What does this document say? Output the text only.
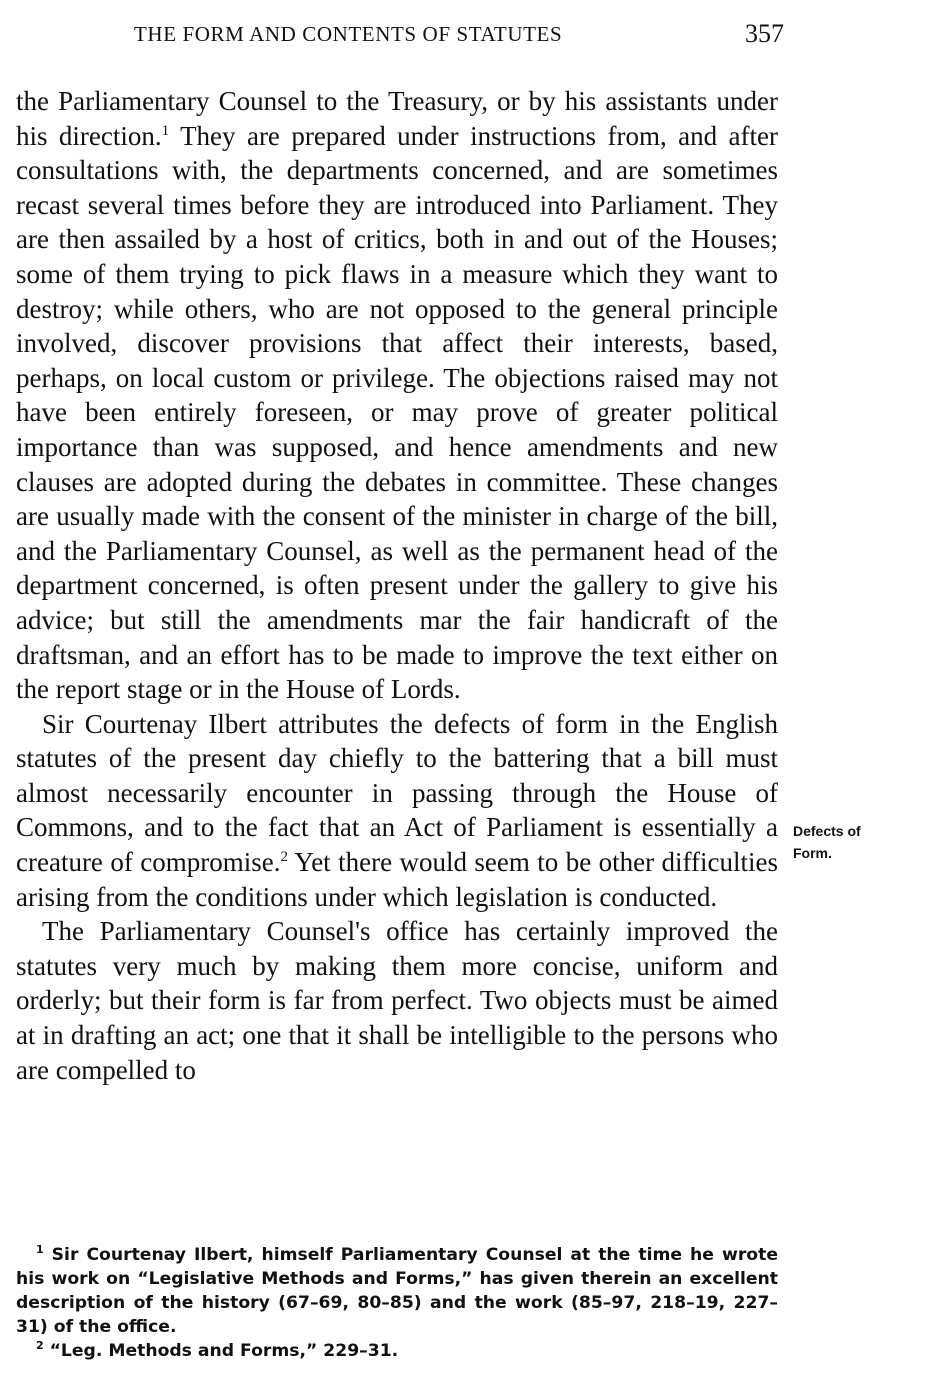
THE FORM AND CONTENTS OF STATUTES	357

the Parliamentary Counsel to the Treasury, or by his assistants under his direction.$^1$ They are prepared under instructions from, and after consultations with, the departments concerned, and are sometimes recast several times before they are introduced into Parliament. They are then assailed by a host of critics, both in and out of the Houses; some of them trying to pick flaws in a measure which they want to destroy; while others, who are not opposed to the general principle involved, discover provisions that affect their interests, based, perhaps, on local custom or privilege. The objections raised may not have been entirely foreseen, or may prove of greater political importance than was supposed, and hence amendments and new clauses are adopted during the debates in committee. These changes are usually made with the consent of the minister in charge of the bill, and the Parliamentary Counsel, as well as the permanent head of the department concerned, is often present under the gallery to give his advice; but still the amendments mar the fair handicraft of the draftsman, and an effort has to be made to improve the text either on the report stage or in the House of Lords.

Sir Courtenay Ilbert attributes the defects of form in the English statutes of the present day chiefly to the battering that a bill must almost necessarily encounter in passing through the House of Commons, and to the fact that an Act of Parliament is essentially a creature of compromise.$^2$ Yet there would seem to be other difficulties arising from the conditions under which legislation is conducted.

The Parliamentary Counsel's office has certainly improved the statutes very much by making them more concise, uniform and orderly; but their form is far from perfect. Two objects must be aimed at in drafting an act; one that it shall be intelligible to the persons who are compelled to

Defects of
Form.

$^1$ Sir Courtenay Ilbert, himself Parliamentary Counsel at the time he wrote his work on “Legislative Methods and Forms,” has given therein an excellent description of the history (67–69, 80–85) and the work (85–97, 218–19, 227–31) of the office.

$^2$ “Leg. Methods and Forms,” 229–31.
